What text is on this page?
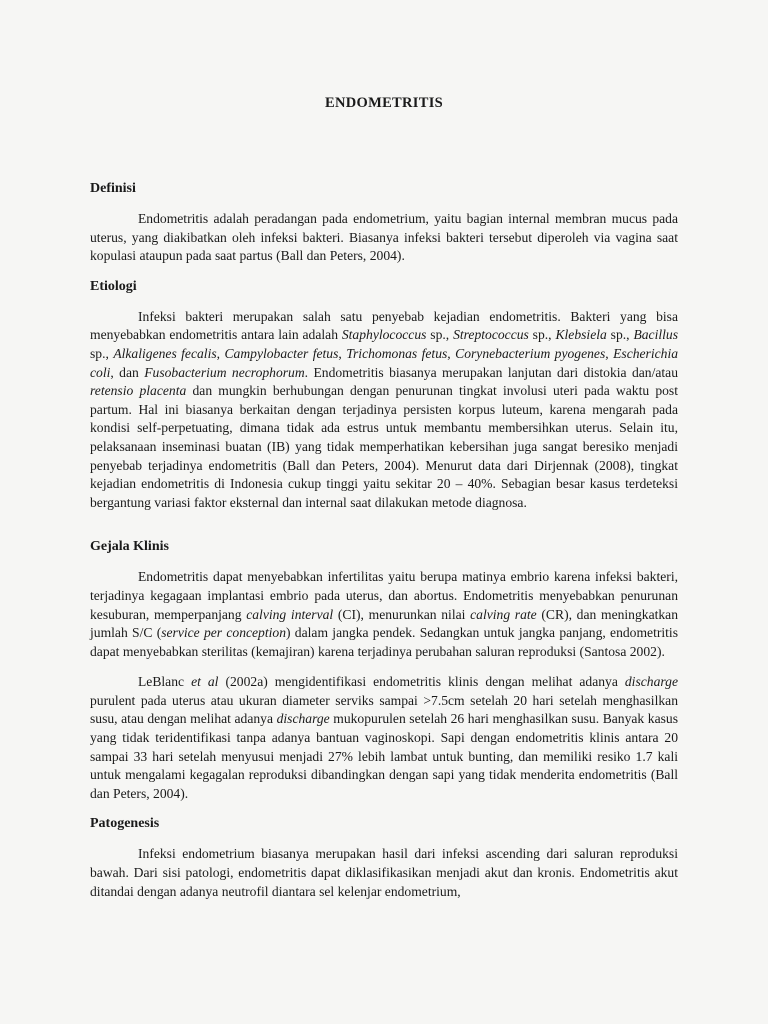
ENDOMETRITIS
Definisi

Endometritis adalah peradangan pada endometrium, yaitu bagian internal membran mucus pada uterus, yang diakibatkan oleh infeksi bakteri. Biasanya infeksi bakteri tersebut diperoleh via vagina saat kopulasi ataupun pada saat partus (Ball dan Peters, 2004).

Etiologi

Infeksi bakteri merupakan salah satu penyebab kejadian endometritis. Bakteri yang bisa menyebabkan endometritis antara lain adalah Staphylococcus sp., Streptococcus sp., Klebsiela sp., Bacillus sp., Alkaligenes fecalis, Campylobacter fetus, Trichomonas fetus, Corynebacterium pyogenes, Escherichia coli, dan Fusobacterium necrophorum. Endometritis biasanya merupakan lanjutan dari distokia dan/atau retensio placenta dan mungkin berhubungan dengan penurunan tingkat involusi uteri pada waktu post partum. Hal ini biasanya berkaitan dengan terjadinya persisten korpus luteum, karena mengarah pada kondisi self-perpetuating, dimana tidak ada estrus untuk membantu membersihkan uterus. Selain itu, pelaksanaan inseminasi buatan (IB) yang tidak memperhatikan kebersihan juga sangat beresiko menjadi penyebab terjadinya endometritis (Ball dan Peters, 2004). Menurut data dari Dirjennak (2008), tingkat kejadian endometritis di Indonesia cukup tinggi yaitu sekitar 20 – 40%. Sebagian besar kasus terdeteksi bergantung variasi faktor eksternal dan internal saat dilakukan metode diagnosa.

Gejala Klinis

Endometritis dapat menyebabkan infertilitas yaitu berupa matinya embrio karena infeksi bakteri, terjadinya kegagaan implantasi embrio pada uterus, dan abortus. Endometritis menyebabkan penurunan kesuburan, memperpanjang calving interval (CI), menurunkan nilai calving rate (CR), dan meningkatkan jumlah S/C (service per conception) dalam jangka pendek. Sedangkan untuk jangka panjang, endometritis dapat menyebabkan sterilitas (kemajiran) karena terjadinya perubahan saluran reproduksi (Santosa 2002).

LeBlanc et al (2002a) mengidentifikasi endometritis klinis dengan melihat adanya discharge purulent pada uterus atau ukuran diameter serviks sampai >7.5cm setelah 20 hari setelah menghasilkan susu, atau dengan melihat adanya discharge mukopurulen setelah 26 hari menghasilkan susu. Banyak kasus yang tidak teridentifikasi tanpa adanya bantuan vaginoskopi. Sapi dengan endometritis klinis antara 20 sampai 33 hari setelah menyusui menjadi 27% lebih lambat untuk bunting, dan memiliki resiko 1.7 kali untuk mengalami kegagalan reproduksi dibandingkan dengan sapi yang tidak menderita endometritis (Ball dan Peters, 2004).

Patogenesis

Infeksi endometrium biasanya merupakan hasil dari infeksi ascending dari saluran reproduksi bawah. Dari sisi patologi, endometritis dapat diklasifikasikan menjadi akut dan kronis. Endometritis akut ditandai dengan adanya neutrofil diantara sel kelenjar endometrium,
